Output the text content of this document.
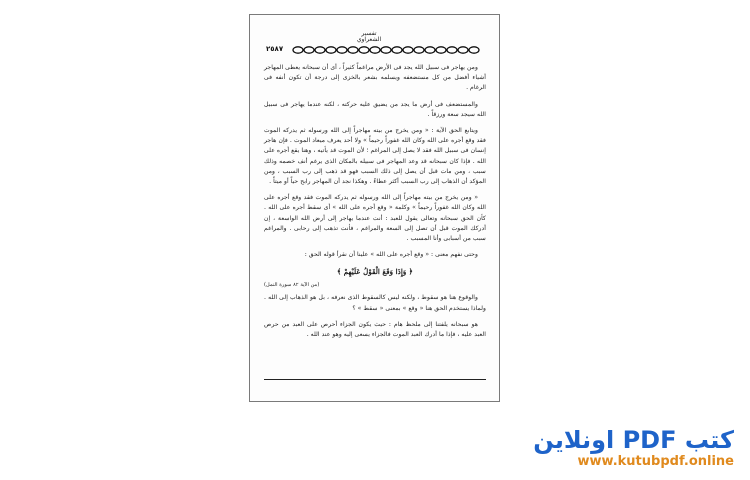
تفسير الشعراوي
٢٥٨٧

ومن يهاجر فى سبيل الله يجد فى الأرض مراغماً كثيراً ، أى أن سبحانه يعطى المهاجر أشياء أفضل من كل مستضعفه ويسلمه بشعر بالخزى إلى درجة أن تكون أنفه فى الرغام .

والمستضعف فى أرض ما يجد من يضيق عليه حركته ، لكنه عندما يهاجر فى سبيل الله سيجد سعة ورزقاً .

ويتابع الحق الآية : « ومن يخرج من بيته مهاجراً إلى الله ورسوله ثم يدركه الموت فقد وقع أجره على الله وكان الله غفوراً رحيماً » ولا أحد يعرف ميعاد الموت . فإن هاجر إنسان فى سبيل الله فقد لا يصل إلى المراغم ؛ لأن الموت قد يأتيه ، وهنا يقع أجره على الله . فإذا كان سبحانه قد وعد المهاجر فى سبيله بالمكان الذى يرغم أنف خصمه وذلك سبب ، ومن مات قبل أن يصل إلى ذلك السبب فهو قد ذهب إلى رب السبب ، ومن المؤكد أن الذهاب إلى رب السبب أكثر عطاءً . وهكذا نجد أن المهاجر رابح حياً أو ميتاً .

« ومن يخرج من بيته مهاجراً إلى الله ورسوله ثم يدركه الموت فقد وقع أجره على الله وكان الله غفوراً رحيماً » وكلمة « وقع أجره على الله » أى سقط أجره على الله . كأن الحق سبحانه وتعالى يقول للعبد : أنت عندما يهاجر إلى أرض الله الواسعة ، إن أدركك الموت قبل أن تصل إلى السعة والمراغم ، فأنت تذهب إلى رحابى . والمراغم سبب من أسبابى وأنا المسبب .

وحتى نفهم معنى : « وقع أجره على الله » علينا أن نقرأ قوله الحق :

﴿ وَإِذَا وَقَعَ الْقَوْلُ عَلَيْهِمْ ﴾

(من الآية ٨٢ سورة النمل)

والوقوع هنا هو سقوط ، ولكنه ليس كالسقوط الذى نعرفه ، بل هو الذهاب إلى الله . ولماذا يستخدم الحق هنا « وقع » بمعنى « سقط » ؟

هو سبحانه يلفتنا إلى ملحظ هام : حيث يكون الجزاء أحرص على العبد من حرص العبد عليه ، فإذا ما أدرك العبد الموت فالجزاء يسعى إليه وهو عند الله .

كتب PDF اونلاين
www.kutubpdf.online
